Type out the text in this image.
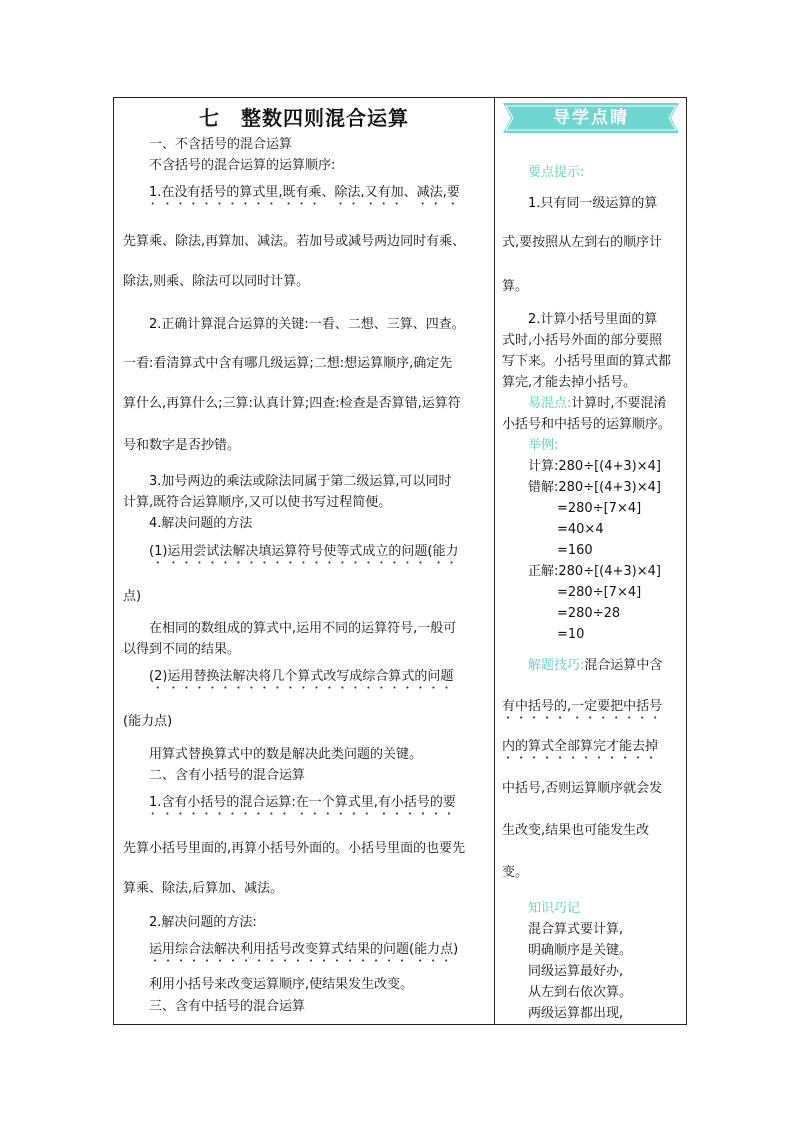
七　整数四则混合运算
一、不含括号的混合运算
不含括号的混合运算的运算顺序:
1.在没有括号的算式里,既有乘、除法,又有加、减法,要
先算乘、除法,再算加、减法。若加号或减号两边同时有乘、
除法,则乘、除法可以同时计算。
2.正确计算混合运算的关键:一看、二想、三算、四查。
一看:看清算式中含有哪几级运算;二想:想运算顺序,确定先
算什么,再算什么;三算:认真计算;四查:检查是否算错,运算符
号和数字是否抄错。
3.加号两边的乘法或除法同属于第二级运算,可以同时
计算,既符合运算顺序,又可以使书写过程简便。
4.解决问题的方法
(1)运用尝试法解决填运算符号使等式成立的问题(能力
点)
在相同的数组成的算式中,运用不同的运算符号,一般可
以得到不同的结果。
(2)运用替换法解决将几个算式改写成综合算式的问题
(能力点)
用算式替换算式中的数是解决此类问题的关键。
二、含有小括号的混合运算
1.含有小括号的混合运算:在一个算式里,有小括号的要
先算小括号里面的,再算小括号外面的。小括号里面的也要先
算乘、除法,后算加、减法。
2.解决问题的方法:
运用综合法解决利用括号改变算式结果的问题(能力点)
利用小括号来改变运算顺序,使结果发生改变。
三、含有中括号的混合运算
导学点睛
要点提示:
1.只有同一级运算的算
式,要按照从左到右的顺序计
算。
2.计算小括号里面的算
式时,小括号外面的部分要照
写下来。小括号里面的算式都
算完,才能去掉小括号。
易混点:计算时,不要混淆
小括号和中括号的运算顺序。
举例:
计算:280÷[(4+3)×4]
错解:280÷[(4+3)×4]
=280÷[7×4]
=40×4
=160
正解:280÷[(4+3)×4]
=280÷[7×4]
=280÷28
=10
解题技巧:混合运算中含
有中括号的,一定要把中括号
内的算式全部算完才能去掉
中括号,否则运算顺序就会发
生改变,结果也可能发生改
变。
知识巧记
混合算式要计算,
明确顺序是关键。
同级运算最好办,
从左到右依次算。
两级运算都出现,
